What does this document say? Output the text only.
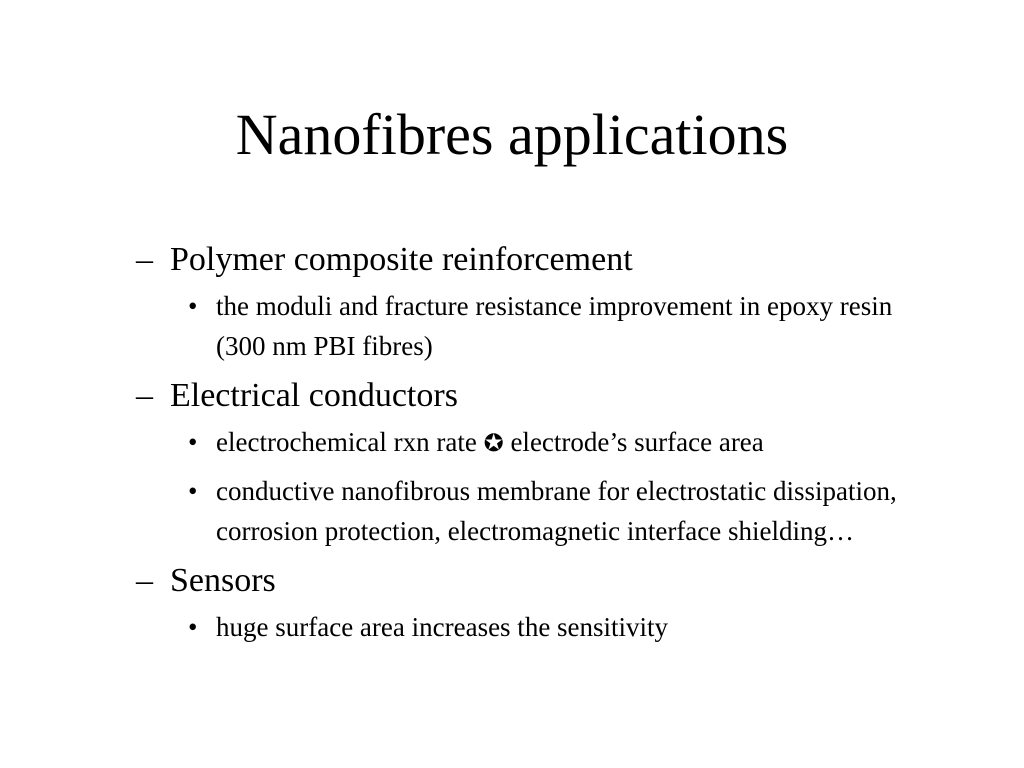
Nanofibres applications
– Polymer composite reinforcement
• the moduli and fracture resistance improvement in epoxy resin (300 nm PBI fibres)
– Electrical conductors
• electrochemical rxn rate ✪ electrode’s surface area
• conductive nanofibrous membrane for electrostatic dissipation, corrosion protection, electromagnetic interface shielding…
– Sensors
• huge surface area increases the sensitivity
